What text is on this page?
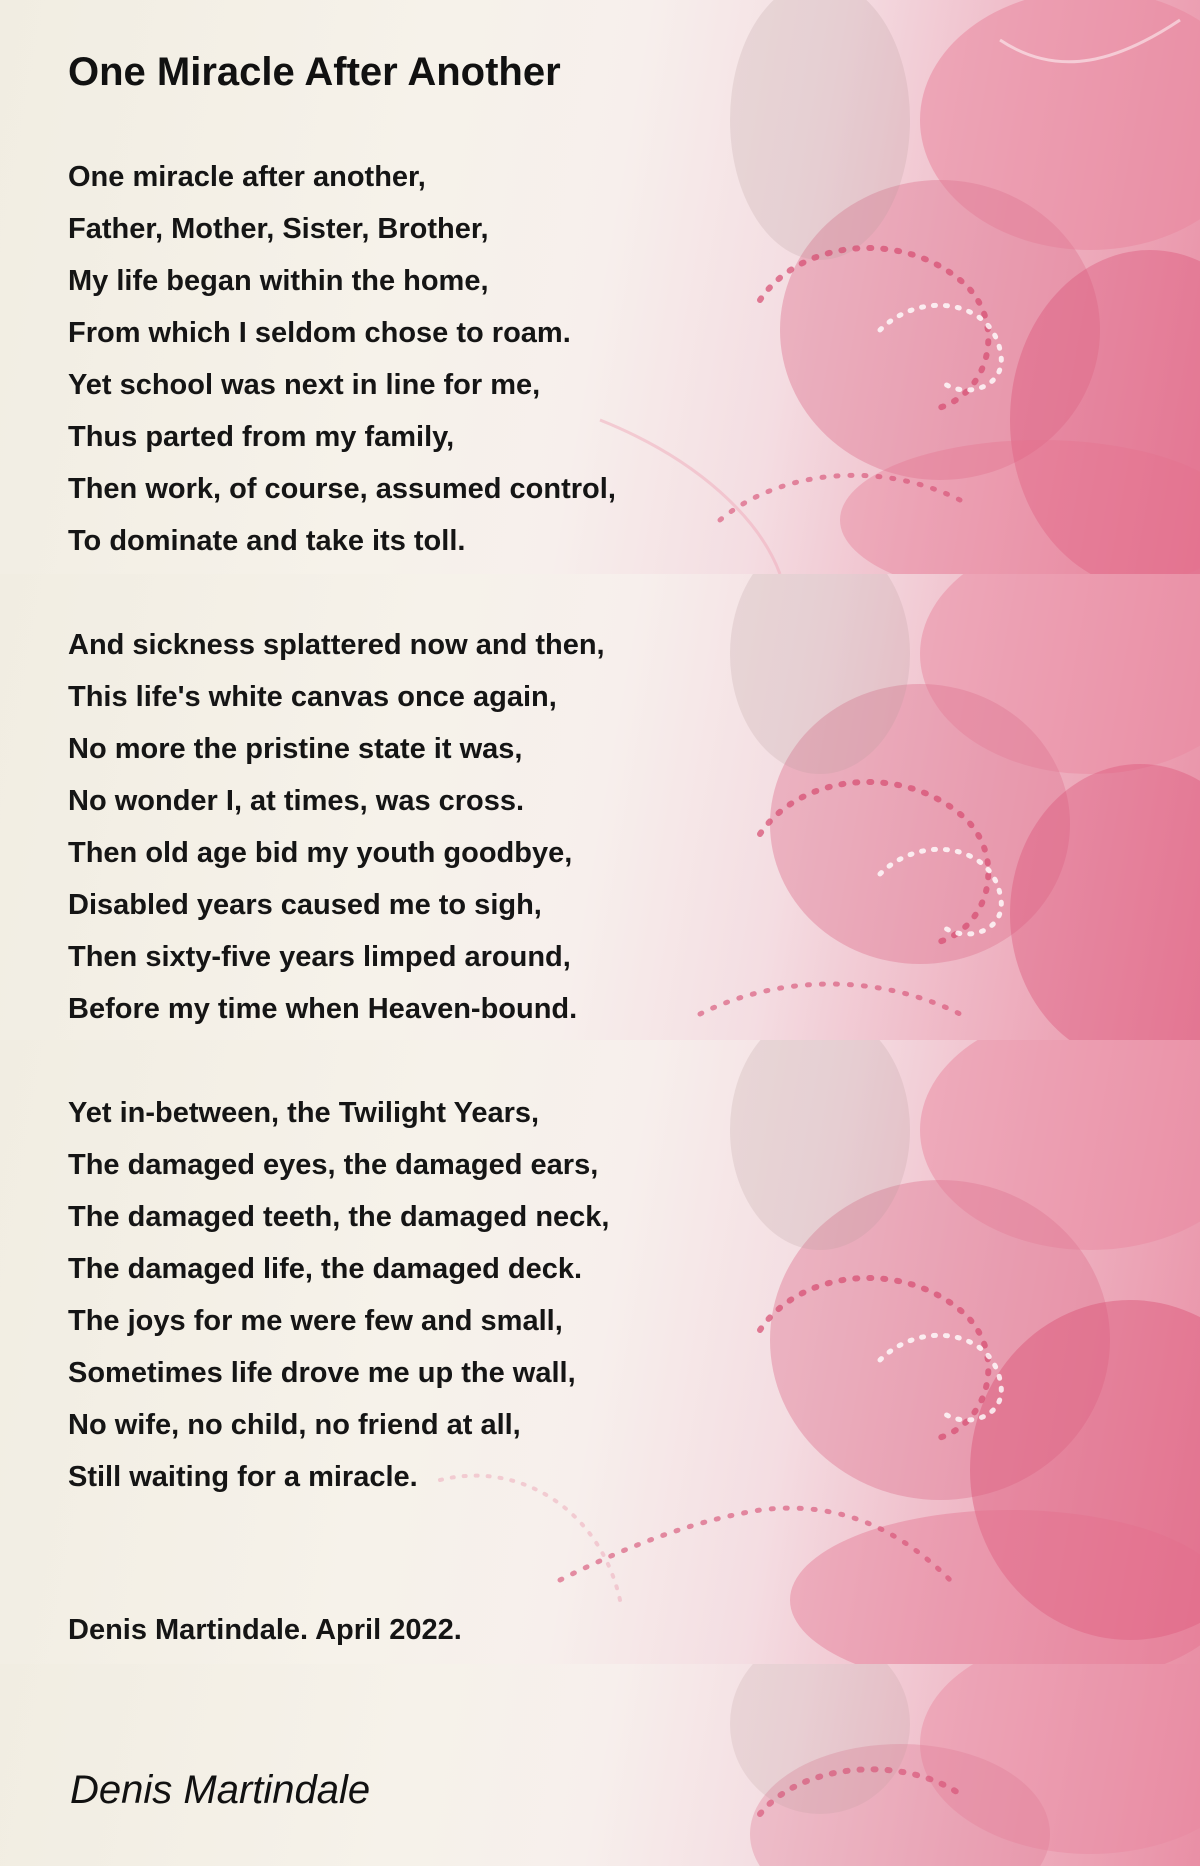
One Miracle After Another
One miracle after another,
Father, Mother, Sister, Brother,
My life began within the home,
From which I seldom chose to roam.
Yet school was next in line for me,
Thus parted from my family,
Then work, of course, assumed control,
To dominate and take its toll.
And sickness splattered now and then,
This life's white canvas once again,
No more the pristine state it was,
No wonder I, at times, was cross.
Then old age bid my youth goodbye,
Disabled years caused me to sigh,
Then sixty-five years limped around,
Before my time when Heaven-bound.
Yet in-between, the Twilight Years,
The damaged eyes, the damaged ears,
The damaged teeth, the damaged neck,
The damaged life, the damaged deck.
The joys for me were few and small,
Sometimes life drove me up the wall,
No wife, no child, no friend at all,
Still waiting for a miracle.

Denis Martindale. April 2022.

Denis Martindale
